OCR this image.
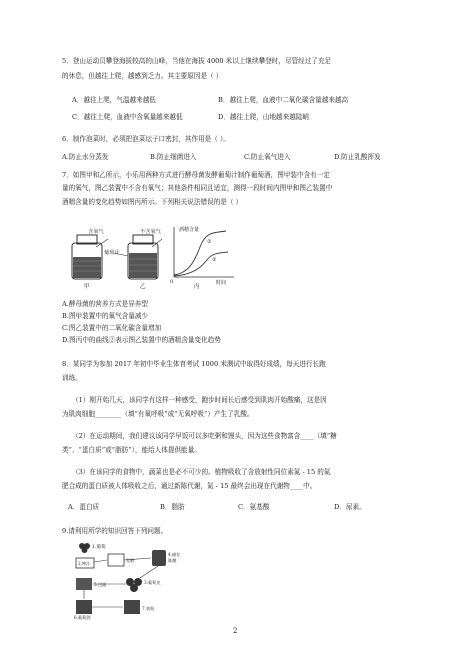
5．登山运动员攀登海拔较高的山峰，当他在海拔 4000 米以上继续攀登时，尽管经过了充足
的休息，但越往上爬，越感到乏力。其主要原因是（ ）
A．越往上爬，气温越来越低	B．越往上爬，血液中二氧化碳含量越来越高
C．越往上爬，血液中含氧量越来越低	D．越往上爬，山地越来越陡峭
6．制作泡菜时，必须把泡菜坛子口密封，其作用是（ ）。
A.防止水分蒸发	B.防止细菌进入	C.防止氧气进入	D.防止乳酸挥发
7．如图甲和乙所示，小乐用两种方式进行酵母菌发酵葡萄汁制作葡萄酒，图甲装中含有一定
量的氧气，图乙装置中不含有氧气；其他条件相同且适宜，测得一段时间内图甲和图乙装置中
酒精含量的变化趋势如图丙所示。下列相关说法错误的是（ ）
含氧气	不含氧气
葡萄汁
甲	乙
酒精含量
时间
①
②
0
丙
A.酵母菌的营养方式是异养型
B.图甲装置中的氧气含量减少
C.图乙装置中的二氧化碳含量增加
D.图丙中的曲线②表示图乙装置中的酒精含量变化趋势
8．某同学为参加 2017 年初中毕业生体育考试 1000 米测试中取得好成绩，每天进行长跑
训练。
（1）刚开始几天，该同学有这样一种感受，跑步时间长后感受到肌肉开始酸痛，这是因
为肌肉细胞________（填“有氧呼吸”或“无氧呼吸”）产生了乳酸。
（2）在运动期间，我们建议该同学早饭可以多吃粥和馒头，因为这些食物富含____（填“糖
类”、“蛋白质”或“脂肪”），能给人体提供能量。
（3）在该同学的食物中，蔬菜也是必不可少的。植物吸收了含放射性同位素氮 - 15 的氮
肥合成的蛋白质被人体吸收之后，通过新陈代谢，氮 - 15 最终会出现在代谢物____中。
A．蛋白质	B．脂肪	C．氨基酸	D．尿素。
9.请利用所学的知识回答下列问题。
1.葡萄
2.榨汁
发酵
4.储存
陈酿
5.过滤	3.葡萄皮
6.葡萄酒
7.装瓶
2
